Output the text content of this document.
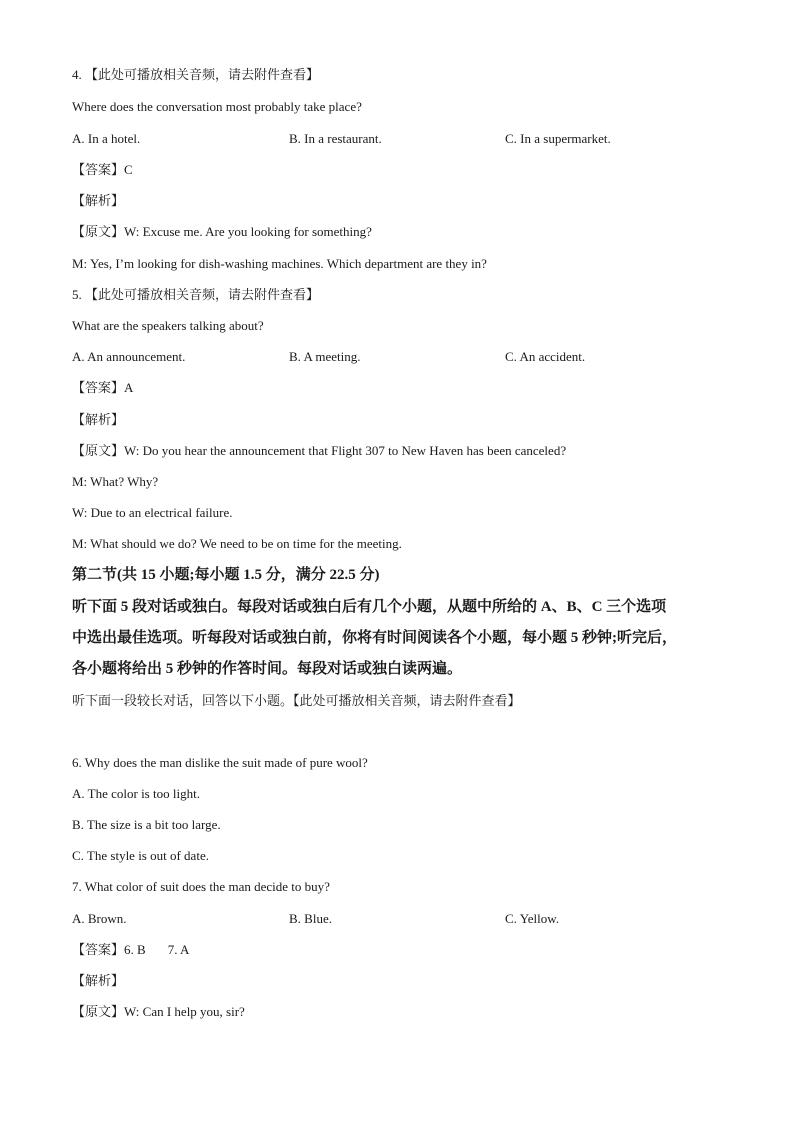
4. 【此处可播放相关音频，请去附件查看】
Where does the conversation most probably take place?
A. In a hotel.	B. In a restaurant.	C. In a supermarket.
【答案】C
【解析】
【原文】W: Excuse me. Are you looking for something?
M: Yes, I’m looking for dish-washing machines. Which department are they in?
5. 【此处可播放相关音频，请去附件查看】
What are the speakers talking about?
A. An announcement.	B. A meeting.	C. An accident.
【答案】A
【解析】
【原文】W: Do you hear the announcement that Flight 307 to New Haven has been canceled?
M: What? Why?
W: Due to an electrical failure.
M: What should we do? We need to be on time for the meeting.
第二节(共 15 小题;每小题 1.5 分，满分 22.5 分)
听下面 5 段对话或独白。每段对话或独白后有几个小题，从题中所给的 A、B、C 三个选项
中选出最佳选项。听每段对话或独白前，你将有时间阅读各个小题，每小题 5 秒钟;听完后，
各小题将给出 5 秒钟的作答时间。每段对话或独白读两遍。
听下面一段较长对话，回答以下小题。【此处可播放相关音频，请去附件查看】
6. Why does the man dislike the suit made of pure wool?
A. The color is too light.
B. The size is a bit too large.
C. The style is out of date.
7. What color of suit does the man decide to buy?
A. Brown.	B. Blue.	C. Yellow.
【答案】6. B 7. A
【解析】
【原文】W: Can I help you, sir?
